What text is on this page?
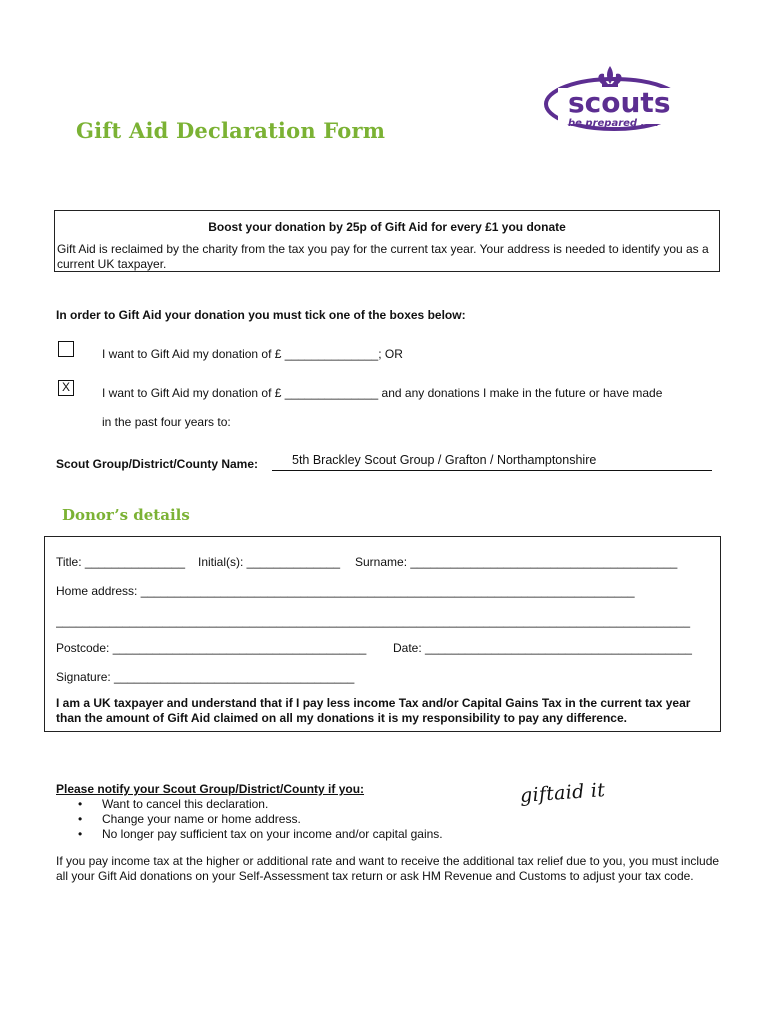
scouts
be prepared . . .
Gift Aid Declaration Form
Boost your donation by 25p of Gift Aid for every £1 you donate
Gift Aid is reclaimed by the charity from the tax you pay for the current tax year. Your address is needed to identify you as a current UK taxpayer.
In order to Gift Aid your donation you must tick one of the boxes below:
I want to Gift Aid my donation of £ ______________; OR
X	I want to Gift Aid my donation of £ ______________ and any donations I make in the future or have made
in the past four years to:
Scout Group/District/County Name:	5th Brackley Scout Group / Grafton / Northamptonshire
Donor’s details
Title: _______________ Initial(s): ______________ Surname: ________________________________________
Home address: __________________________________________________________________________
_______________________________________________________________________________________________
Postcode: ______________________________________ Date: ________________________________________
Signature: ____________________________________
I am a UK taxpayer and understand that if I pay less income Tax and/or Capital Gains Tax in the current tax year than the amount of Gift Aid claimed on all my donations it is my responsibility to pay any difference.
Please notify your Scout Group/District/County if you:
• Want to cancel this declaration.
• Change your name or home address.
• No longer pay sufficient tax on your income and/or capital gains.
giftaid it
If you pay income tax at the higher or additional rate and want to receive the additional tax relief due to you, you must include all your Gift Aid donations on your Self-Assessment tax return or ask HM Revenue and Customs to adjust your tax code.
